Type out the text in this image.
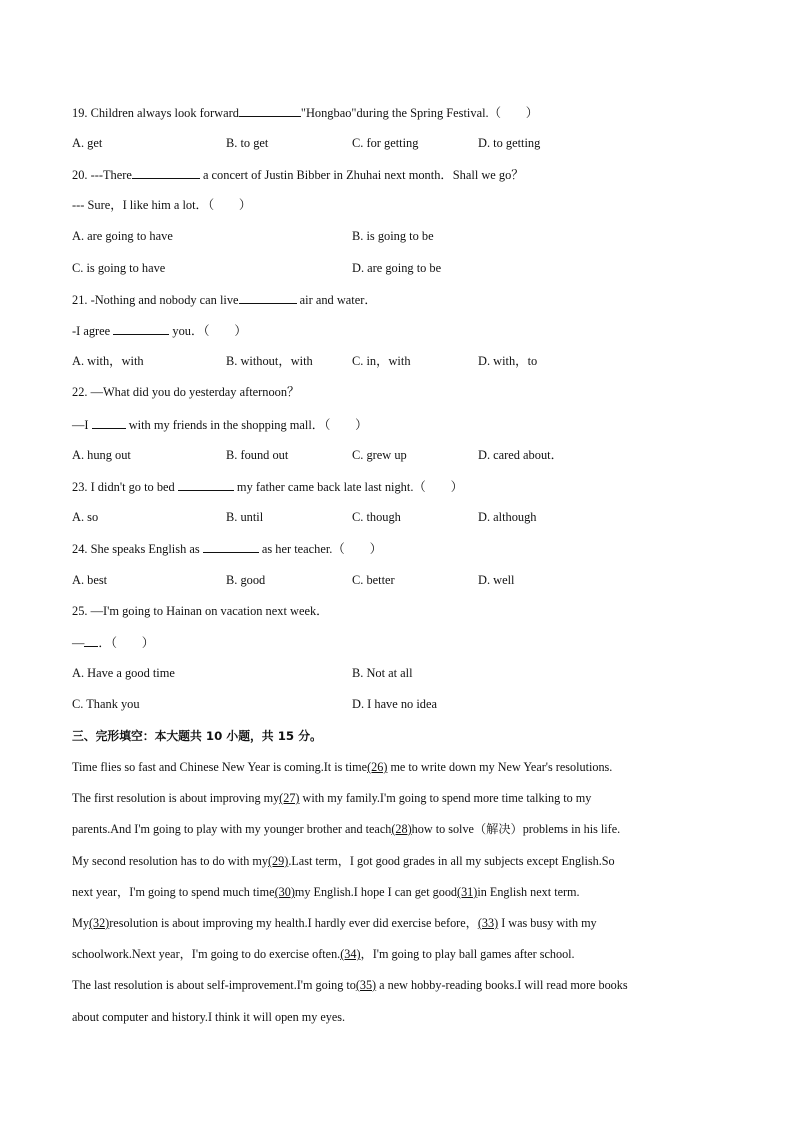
19. Children always look forward	"Hongbao"during the Spring Festival.（　　）
A. get	B. to get	C. for getting	D. to getting
20. ---There	a concert of Justin Bibber in Zhuhai next month．Shall we go？
--- Sure，I like him a lot．（　　）
A. are going to have	B. is going to be
C. is going to have	D. are going to be
21. -Nothing and nobody can live	air and water．
-I agree	you．（　　）
A. with，with	B. without，with	C. in，with	D. with，to
22. —What did you do yesterday afternoon？
—I	with my friends in the shopping mall．（　　）
A. hung out	B. found out	C. grew up	D. cared about．
23. I didn't go to bed	my father came back late last night.（　　）
A. so	B. until	C. though	D. although
24. She speaks English as	as her teacher.（　　）
A. best	B. good	C. better	D. well
25. —I'm going to Hainan on vacation next week．
— ．（　　）
A. Have a good time	B. Not at all
C. Thank you	D. I have no idea
三、完形填空：本大题共 10 小题，共 15 分。
Time flies so fast and Chinese New Year is coming.It is time(26) me to write down my New Year's resolutions.
The first resolution is about improving my(27) with my family.I'm going to spend more time talking to my
parents.And I'm going to play with my younger brother and teach(28)how to solve（解决）problems in his life.
My second resolution has to do with my(29).Last term，I got good grades in all my subjects except English.So
next year，I'm going to spend much time(30)my English.I hope I can get good(31)in English next term.
My(32)resolution is about improving my health.I hardly ever did exercise before，(33) I was busy with my
schoolwork.Next year，I'm going to do exercise often.(34)，I'm going to play ball games after school.
The last resolution is about self-improvement.I'm going to(35) a new hobby-reading books.I will read more books
about computer and history.I think it will open my eyes.
